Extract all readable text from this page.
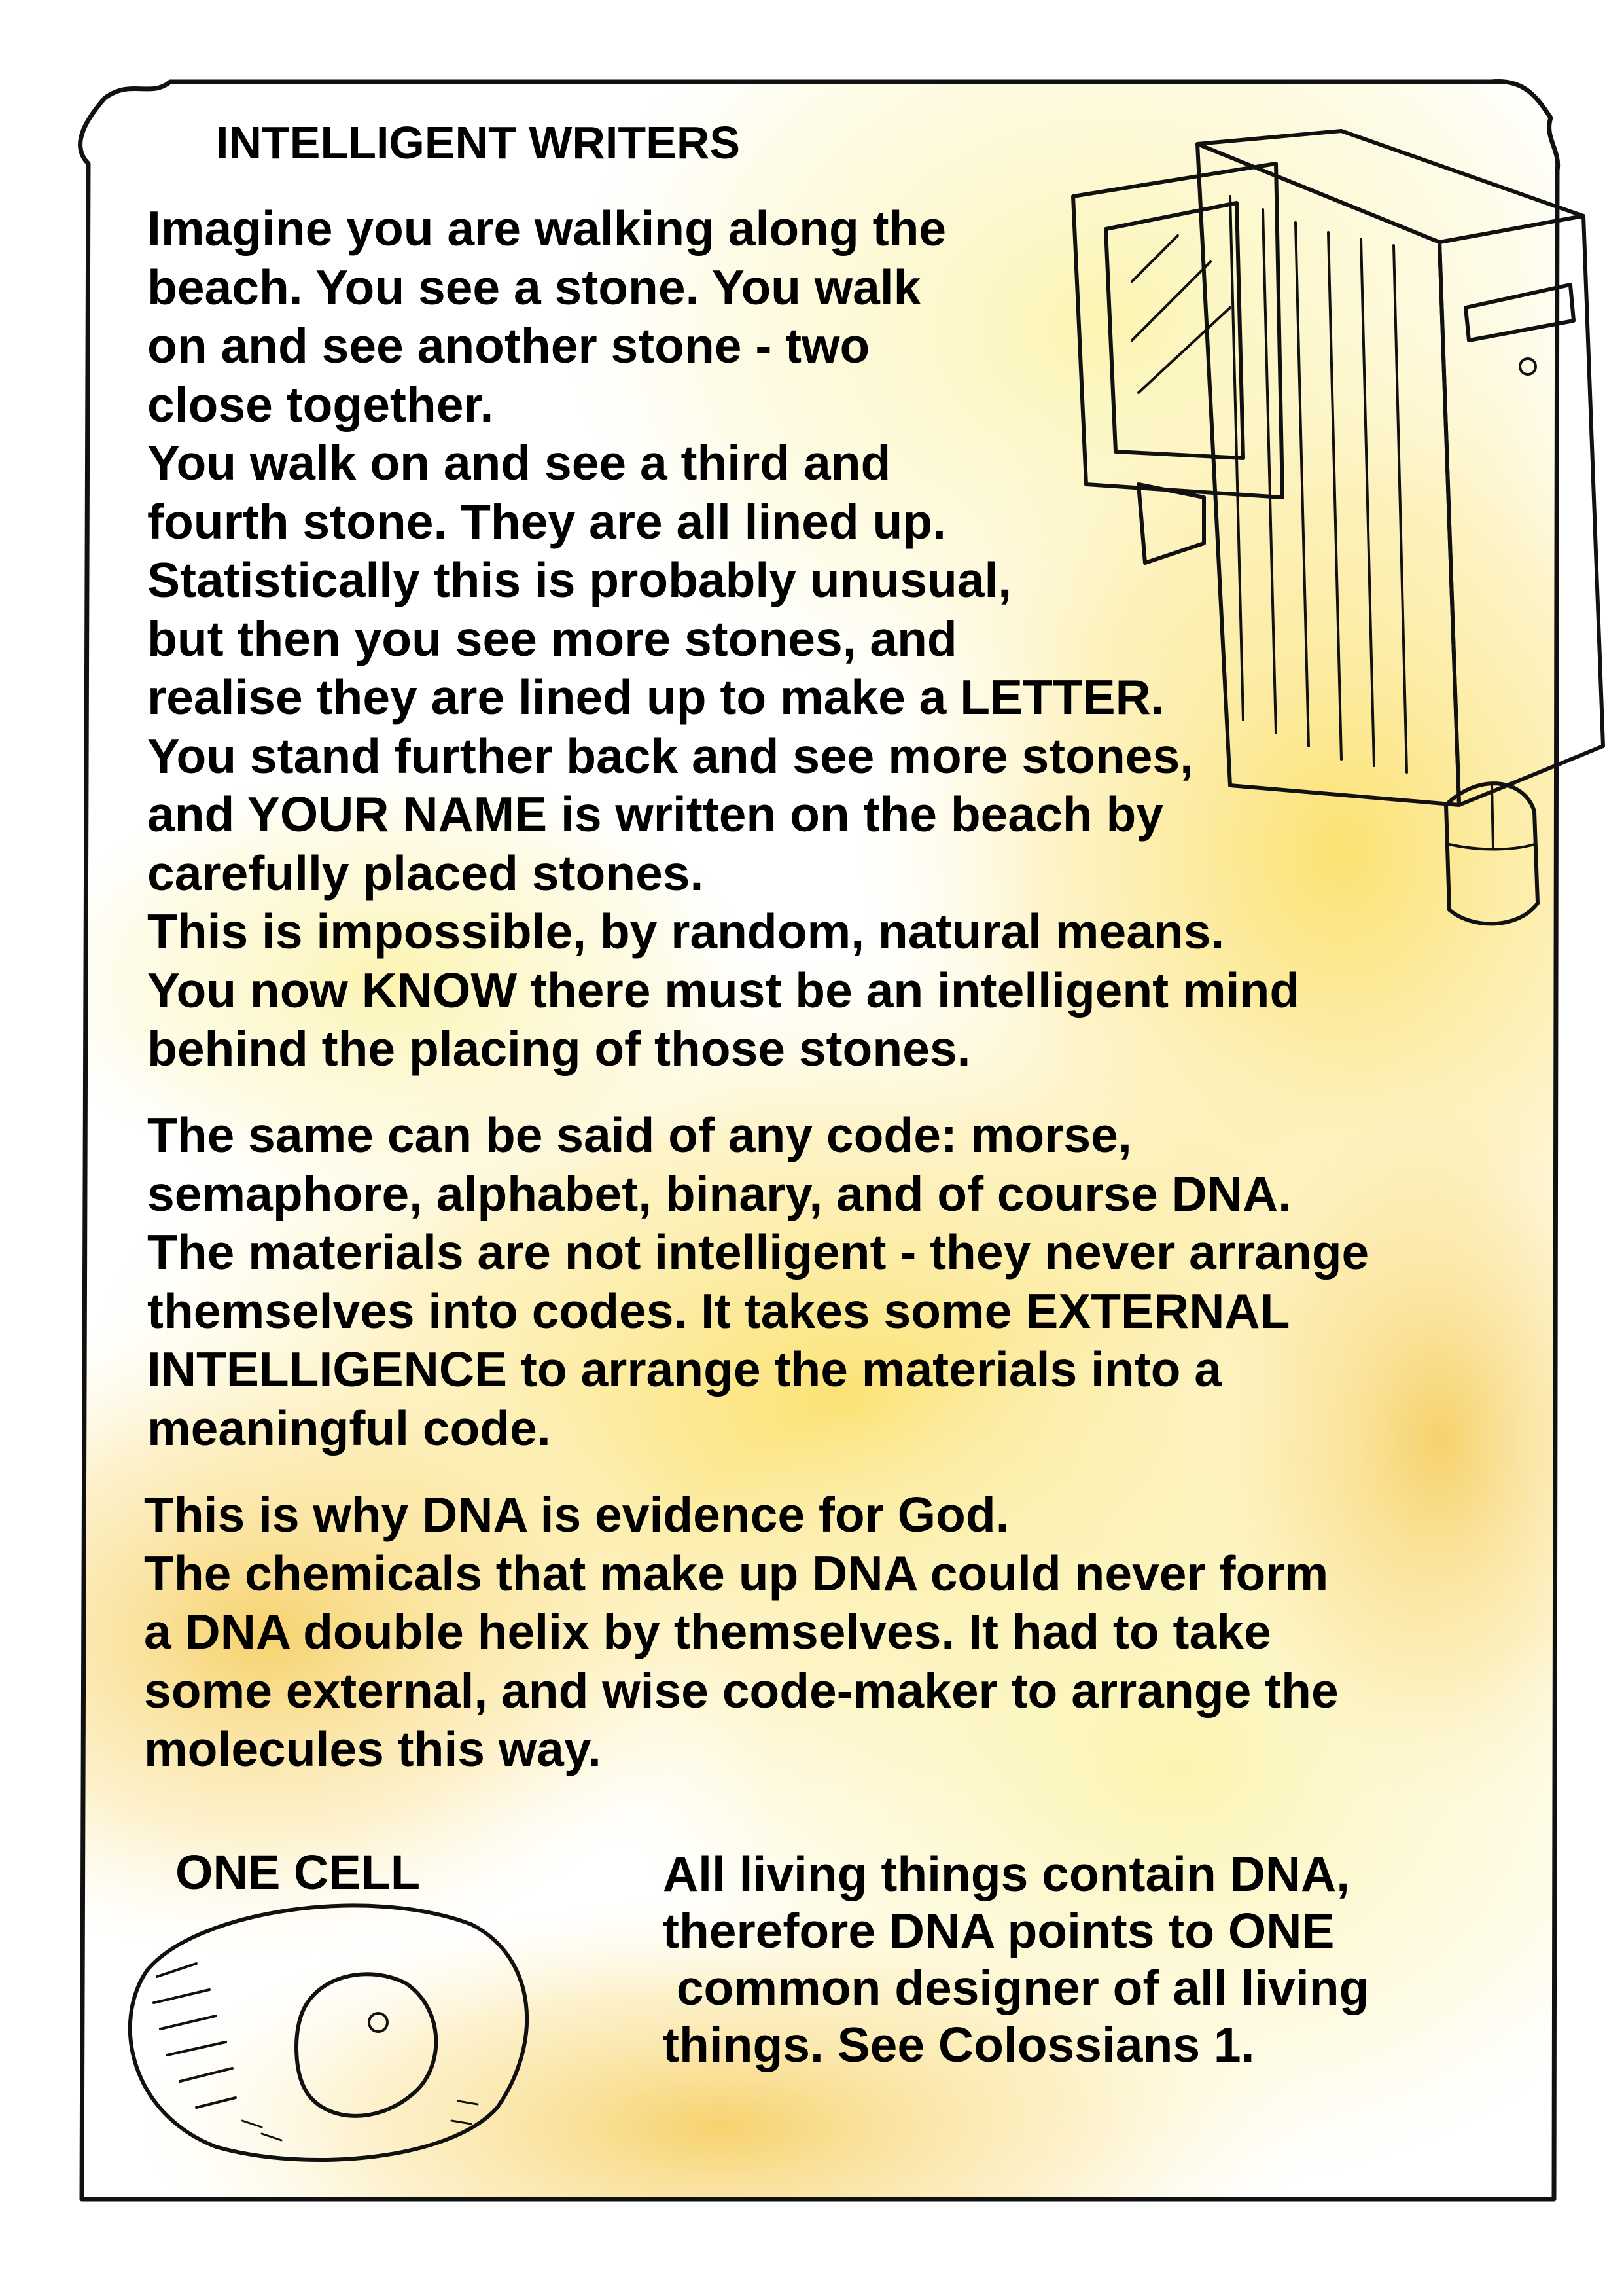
INTELLIGENT WRITERS
Imagine you are walking along the
beach. You see a stone. You walk
on and see another stone - two
close together.
You walk on and see a third and
fourth stone. They are all lined up.
Statistically this is probably unusual,
but then you see more stones, and
realise they are lined up to make a LETTER.
You stand further back and see more stones,
and YOUR NAME is written on the beach by
carefully placed stones.
This is impossible, by random, natural means.
You now KNOW there must be an intelligent mind
behind the placing of those stones.
The same can be said of any code: morse,
semaphore, alphabet, binary, and of course DNA.
The materials are not intelligent - they never arrange
themselves into codes. It takes some EXTERNAL
INTELLIGENCE to arrange the materials into a
meaningful code.
This is why DNA is evidence for God.
The chemicals that make up DNA could never form
a DNA double helix by themselves. It had to take
some external, and wise code-maker to arrange the
molecules this way.
ONE CELL	All living things contain DNA,
therefore DNA points to ONE
common designer of all living
things. See Colossians 1.
